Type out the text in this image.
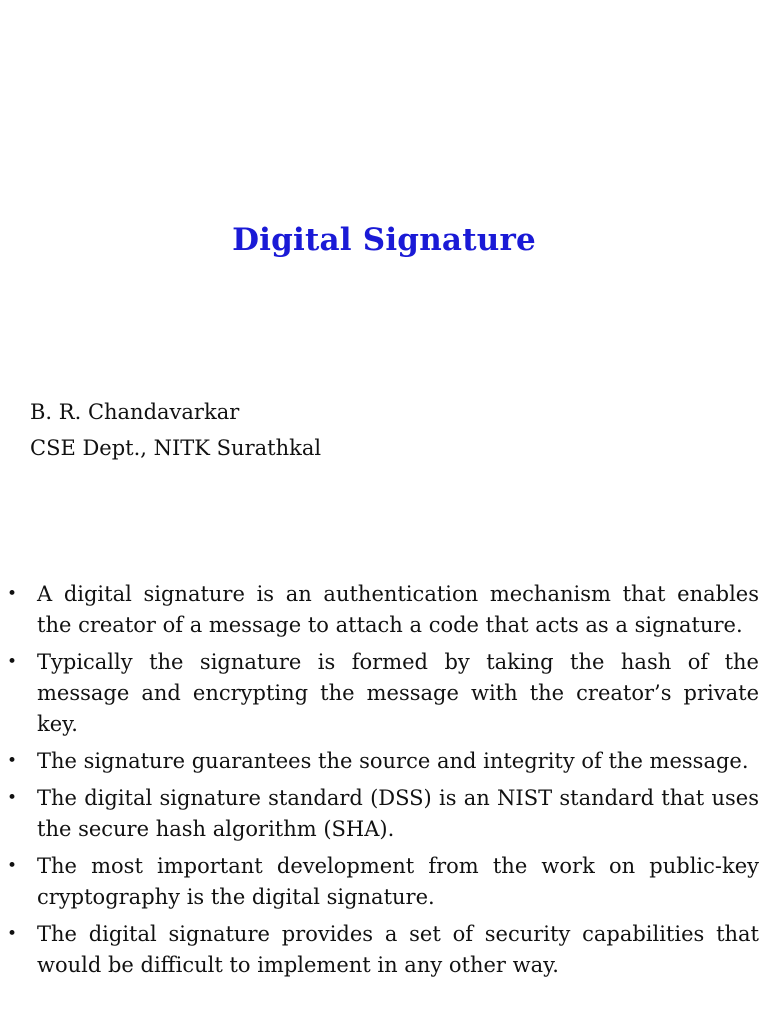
Digital Signature
B. R. Chandavarkar
CSE Dept., NITK Surathkal
• A digital signature is an authentication mechanism that enables the creator of a message to attach a code that acts as a signature.
• Typically the signature is formed by taking the hash of the message and encrypting the message with the creator’s private key.
• The signature guarantees the source and integrity of the message.
• The digital signature standard (DSS) is an NIST standard that uses the secure hash algorithm (SHA).
• The most important development from the work on public-key cryptography is the digital signature.
• The digital signature provides a set of security capabilities that would be difficult to implement in any other way.
